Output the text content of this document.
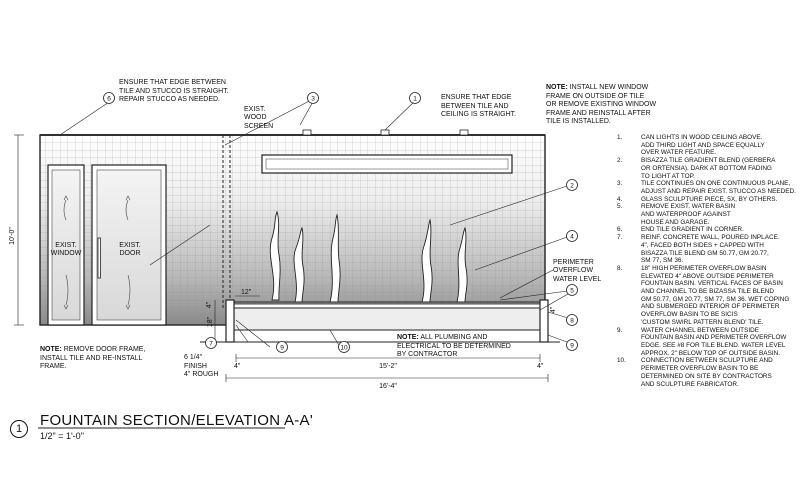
6	3	1
2
4
7
9	10
5
8
9
10'-0"
12"
18"
4"
4"	4"
4"
15'-2"
16'-4"
ENSURE THAT EDGE BETWEEN
TILE AND STUCCO IS STRAIGHT.
REPAIR STUCCO AS NEEDED.
EXIST.
WOOD
SCREEN
ENSURE THAT EDGE
BETWEEN TILE AND
CEILING IS STRAIGHT.
NOTE: INSTALL NEW WINDOW
FRAME ON OUTSIDE OF TILE
OR REMOVE EXISTING WINDOW
FRAME AND REINSTALL AFTER
TILE IS INSTALLED.
EXIST.
WINDOW
EXIST.
DOOR
PERIMETER
OVERFLOW
WATER LEVEL
NOTE: REMOVE DOOR FRAME,
INSTALL TILE AND RE-INSTALL
FRAME.
NOTE: ALL PLUMBING AND
ELECTRICAL TO BE DETERMINED
BY CONTRACTOR
6 1/4"
FINISH
4" ROUGH
1.	CAN LIGHTS IN WOOD CEILING ABOVE.
ADD THIRD LIGHT AND SPACE EQUALLY
OVER WATER FEATURE.
2.	BISAZZA TILE GRADIENT BLEND (GERBERA
OR ORTENSIA). DARK AT BOTTOM FADING
TO LIGHT AT TOP.
3.	TILE CONTINUES ON ONE CONTINUOUS PLANE,
ADJUST AND REPAIR EXIST. STUCCO AS NEEDED.
4.	GLASS SCULPTURE PIECE, 5X, BY OTHERS.
5.	REMOVE EXIST. WATER BASIN
AND WATERPROOF AGAINST
HOUSE AND GARAGE.
6.	END TILE GRADIENT IN CORNER.
7.	REINF. CONCRETE WALL, POURED INPLACE.
4", FACED BOTH SIDES + CAPPED WITH
BISAZZA TILE BLEND GM 50.77, GM 20.77,
SM 77, SM 36.
8.	18" HIGH PERIMETER OVERFLOW BASIN
ELEVATED 4" ABOVE OUTSIDE PERIMETER
FOUNTAIN BASIN. VERTICAL FACES OF BASIN
AND CHANNEL TO BE BIZASSA TILE BLEND
GM 50.77, GM 20.77, SM 77, SM 36. WET COPING
AND SUBMERGED INTERIOR OF PERIMETER
OVERFLOW BASIN TO BE SICIS
'CUSTOM SWIRL PATTERN BLEND' TILE.
9.	WATER CHANNEL BETWEEN OUTSIDE
FOUNTAIN BASIN AND PERIMETER OVERFLOW
EDGE. SEE #8 FOR TILE BLEND. WATER LEVEL
APPROX. 2" BELOW TOP OF OUTSIDE BASIN.
10. CONNECTION BETWEEN SCULPTURE AND
PERIMETER OVERFLOW BASIN TO BE
DETERMINED ON SITE BY CONTRACTORS
AND SCULPTURE FABRICATOR.
1	FOUNTAIN SECTION/ELEVATION A-A'
1/2" = 1'-0"
